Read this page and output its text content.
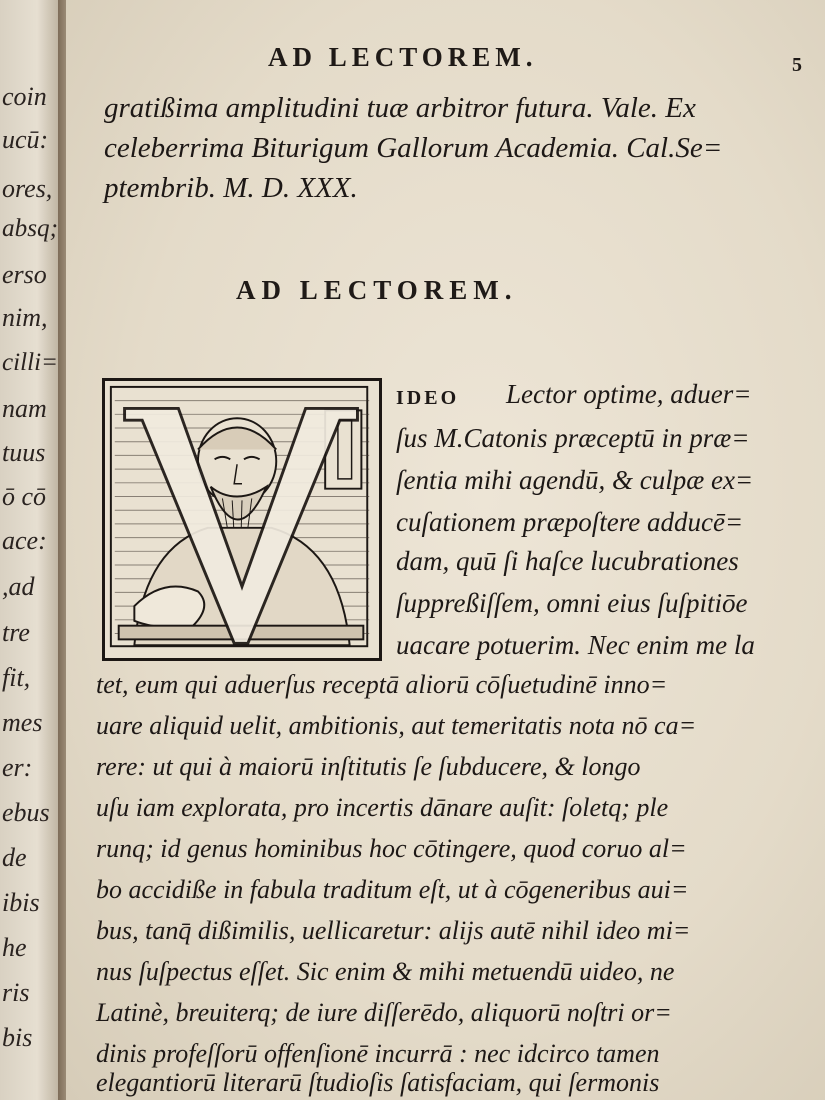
coin
ucū:
ores,
absq;
erso
nim,
cilli=
nam
tuus
ō cō
ace:
,ad
tre
fit,
mes
er:
ebus
de
ibis
he
ris
bis
AD LECTOREM.	5
gratißima amplitudini tuæ arbitror futura. Vale. Ex
celeberrima Biturigum Gallorum Academia. Cal.Se=
ptembrib. M. D. XXX.
AD LECTOREM.
IDEO Lector optime, aduer=
ſus M.Catonis præceptū in præ=
ſentia mihi agendū, & culpæ ex=
cuſationem præpoſtere adducē=
dam, quū ſi haſce lucubrationes
ſuppreßiſſem, omni eius ſuſpitiōe
uacare potuerim. Nec enim me la
tet, eum qui aduerſus receptā aliorū cōſuetudinē inno=
uare aliquid uelit, ambitionis, aut temeritatis nota nō ca=
rere: ut qui à maiorū inſtitutis ſe ſubducere, & longo
uſu iam explorata, pro incertis dānare auſit: ſoletq; ple
runq; id genus hominibus hoc cōtingere, quod coruo al=
bo accidiße in fabula traditum eſt, ut à cōgeneribus aui=
bus, tanq̄ dißimilis, uellicaretur: alijs autē nihil ideo mi=
nus ſuſpectus eſſet. Sic enim & mihi metuendū uideo, ne
Latinè, breuiterq; de iure diſſerēdo, aliquorū noſtri or=
dinis profeſſorū offenſionē incurrā : nec idcirco tamen
elegantiorū literarū ſtudioſis ſatisfaciam, qui ſermonis
